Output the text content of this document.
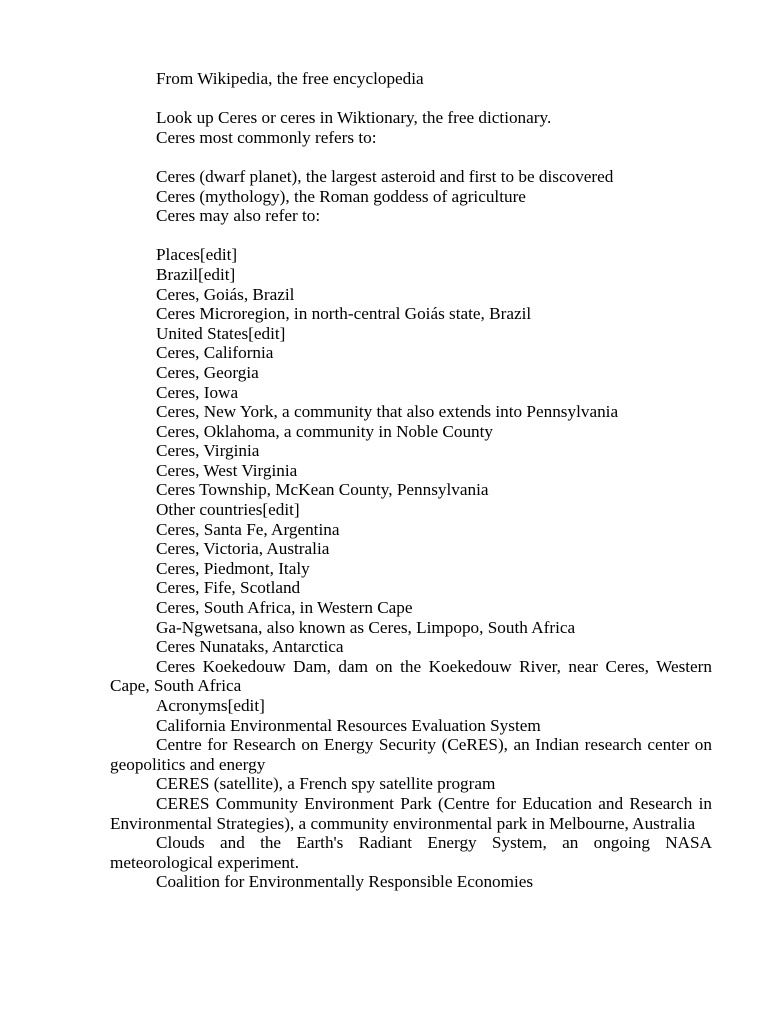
From Wikipedia, the free encyclopedia

Look up Ceres or ceres in Wiktionary, the free dictionary.

Ceres most commonly refers to:

Ceres (dwarf planet), the largest asteroid and first to be discovered

Ceres (mythology), the Roman goddess of agriculture

Ceres may also refer to:

Places[edit]

Brazil[edit]

Ceres, Goiás, Brazil

Ceres Microregion, in north-central Goiás state, Brazil

United States[edit]

Ceres, California

Ceres, Georgia

Ceres, Iowa

Ceres, New York, a community that also extends into Pennsylvania

Ceres, Oklahoma, a community in Noble County

Ceres, Virginia

Ceres, West Virginia

Ceres Township, McKean County, Pennsylvania

Other countries[edit]

Ceres, Santa Fe, Argentina

Ceres, Victoria, Australia

Ceres, Piedmont, Italy

Ceres, Fife, Scotland

Ceres, South Africa, in Western Cape

Ga-Ngwetsana, also known as Ceres, Limpopo, South Africa

Ceres Nunataks, Antarctica

Ceres Koekedouw Dam, dam on the Koekedouw River, near Ceres, Western Cape, South Africa

Acronyms[edit]

California Environmental Resources Evaluation System

Centre for Research on Energy Security (CeRES), an Indian research center on geopolitics and energy

CERES (satellite), a French spy satellite program

CERES Community Environment Park (Centre for Education and Research in Environmental Strategies), a community environmental park in Melbourne, Australia

Clouds and the Earth's Radiant Energy System, an ongoing NASA meteorological experiment.

Coalition for Environmentally Responsible Economies
